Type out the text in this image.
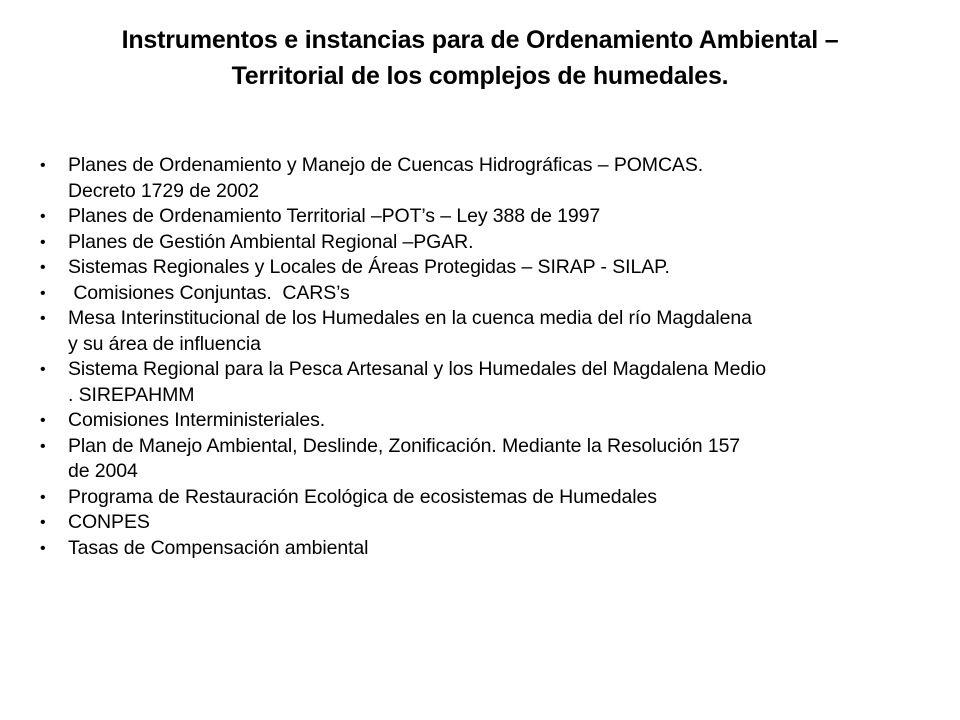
Instrumentos e instancias para de Ordenamiento Ambiental –
Territorial de los complejos de humedales.
• Planes de Ordenamiento y Manejo de Cuencas Hidrográficas – POMCAS.
Decreto 1729 de 2002
• Planes de Ordenamiento Territorial –POT’s – Ley 388 de 1997
• Planes de Gestión Ambiental Regional –PGAR.
• Sistemas Regionales y Locales de Áreas Protegidas – SIRAP - SILAP.
• Comisiones Conjuntas.  CARS’s
• Mesa Interinstitucional de los Humedales en la cuenca media del río Magdalena
y su área de influencia
• Sistema Regional para la Pesca Artesanal y los Humedales del Magdalena Medio
. SIREPAHMM
• Comisiones Interministeriales.
• Plan de Manejo Ambiental, Deslinde, Zonificación. Mediante la Resolución 157
de 2004
• Programa de Restauración Ecológica de ecosistemas de Humedales
• CONPES
• Tasas de Compensación ambiental
